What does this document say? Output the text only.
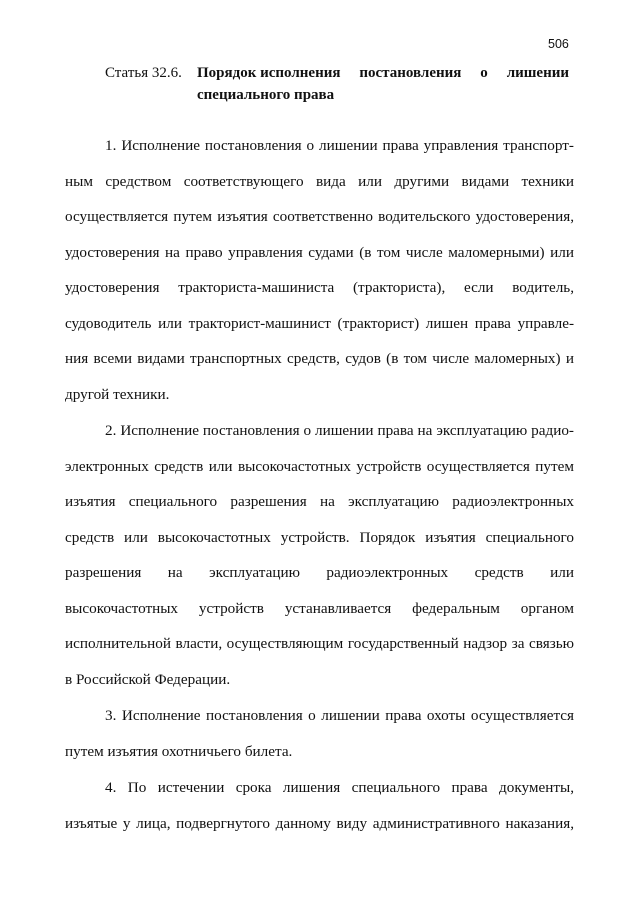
506
Статья 32.6. Порядок исполнения постановления о лишении
специального права
1. Исполнение постановления о лишении права управления транспорт-
ным средством соответствующего вида или другими видами техники
осуществляется путем изъятия соответственно водительского удостоверения,
удостоверения на право управления судами (в том числе маломерными) или
удостоверения тракториста-машиниста (тракториста), если водитель,
судоводитель или тракторист-машинист (тракторист) лишен права управле-
ния всеми видами транспортных средств, судов (в том числе маломерных) и
другой техники.
2. Исполнение постановления о лишении права на эксплуатацию радио-
электронных средств или высокочастотных устройств осуществляется путем
изъятия специального разрешения на эксплуатацию радиоэлектронных
средств или высокочастотных устройств. Порядок изъятия специального
разрешения на эксплуатацию радиоэлектронных средств или
высокочастотных устройств устанавливается федеральным органом
исполнительной власти, осуществляющим государственный надзор за связью
в Российской Федерации.
3. Исполнение постановления о лишении права охоты осуществляется
путем изъятия охотничьего билета.
4. По истечении срока лишения специального права документы,
изъятые у лица, подвергнутого данному виду административного наказания,
